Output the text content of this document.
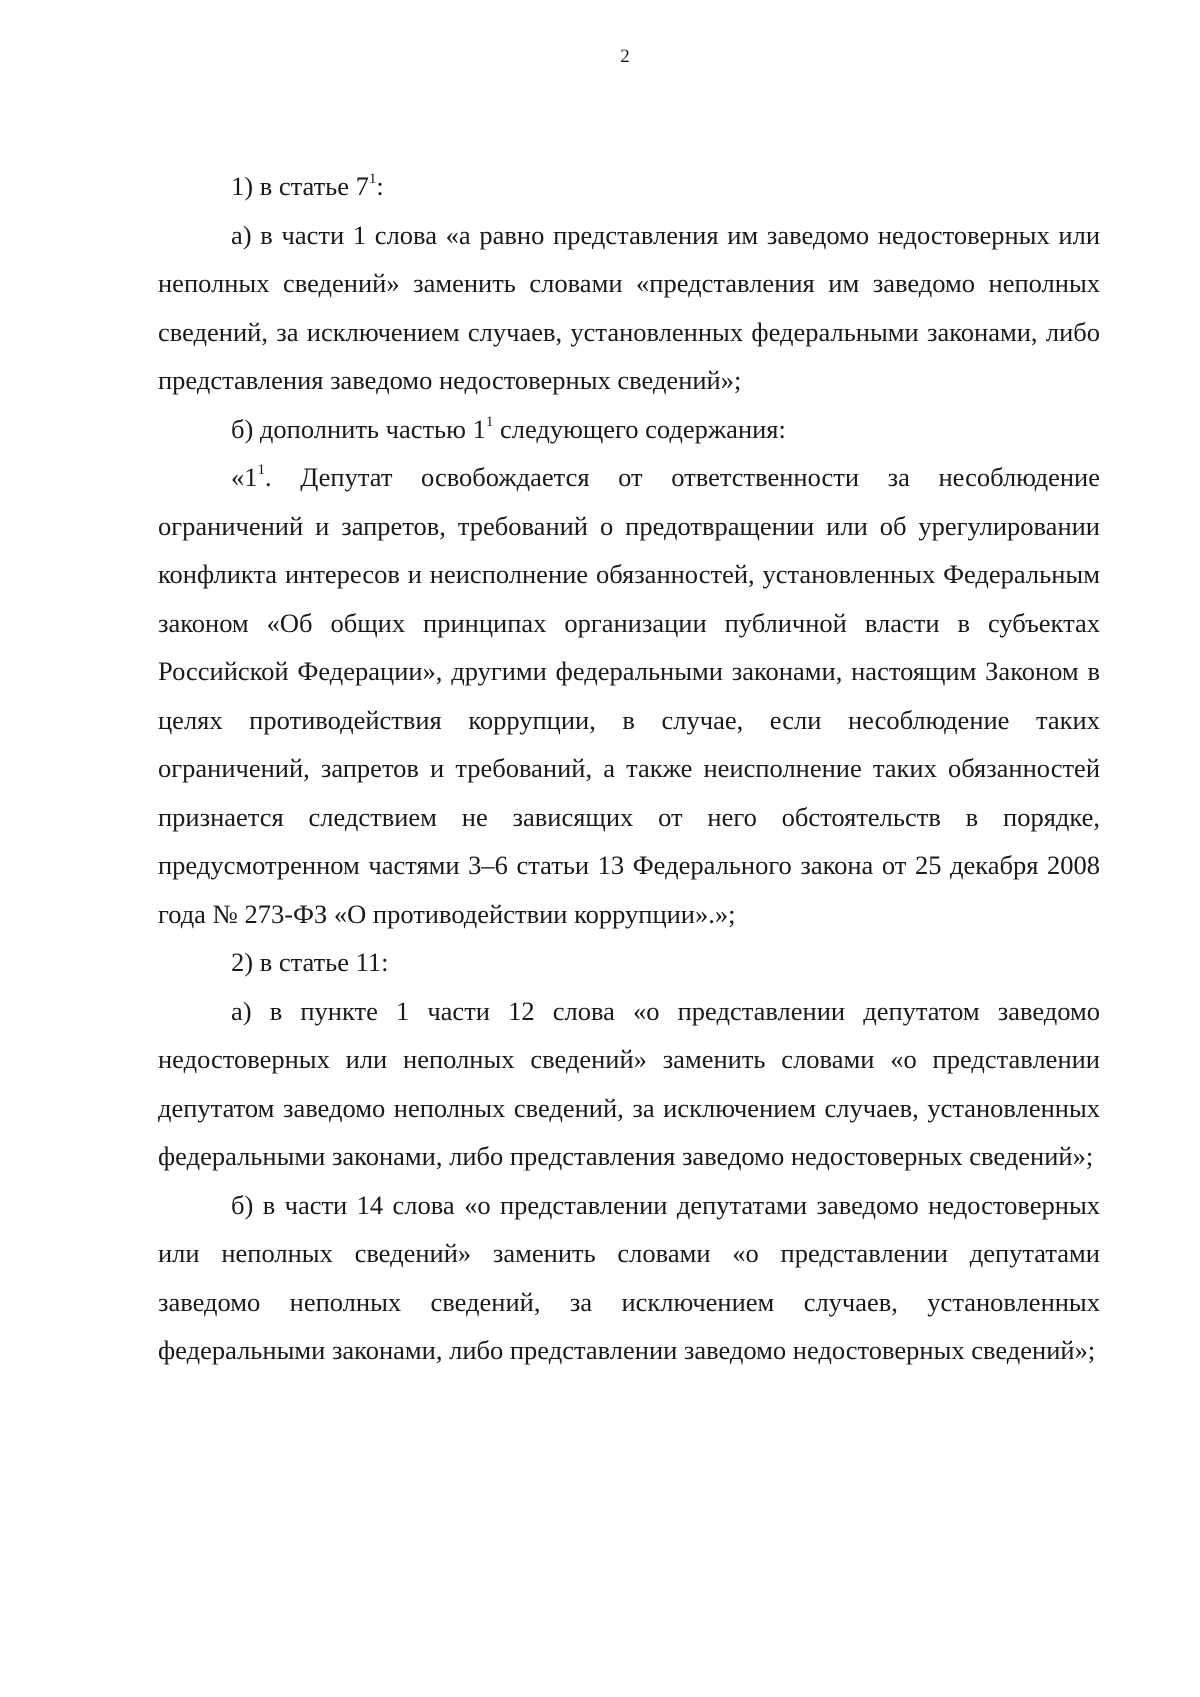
2

1) в статье $7^1$:

а) в части 1 слова «а равно представления им заведомо недостоверных или неполных сведений» заменить словами «представления им заведомо неполных сведений, за исключением случаев, установленных федеральными законами, либо представления заведомо недостоверных сведений»;

б) дополнить частью $1^1$ следующего содержания:

«$1^1$. Депутат освобождается от ответственности за несоблюдение ограничений и запретов, требований о предотвращении или об урегулировании конфликта интересов и неисполнение обязанностей, установленных Федеральным законом «Об общих принципах организации публичной власти в субъектах Российской Федерации», другими федеральными законами, настоящим Законом в целях противодействия коррупции, в случае, если несоблюдение таких ограничений, запретов и требований, а также неисполнение таких обязанностей признается следствием не зависящих от него обстоятельств в порядке, предусмотренном частями 3–6 статьи 13 Федерального закона от 25 декабря 2008 года № 273-ФЗ «О противодействии коррупции».»;

2) в статье 11:

а) в пункте 1 части 12 слова «о представлении депутатом заведомо недостоверных или неполных сведений» заменить словами «о представлении депутатом заведомо неполных сведений, за исключением случаев, установленных федеральными законами, либо представления заведомо недостоверных сведений»;

б) в части 14 слова «о представлении депутатами заведомо недостоверных или неполных сведений» заменить словами «о представлении депутатами заведомо неполных сведений, за исключением случаев, установленных федеральными законами, либо представлении заведомо недостоверных сведений»;
